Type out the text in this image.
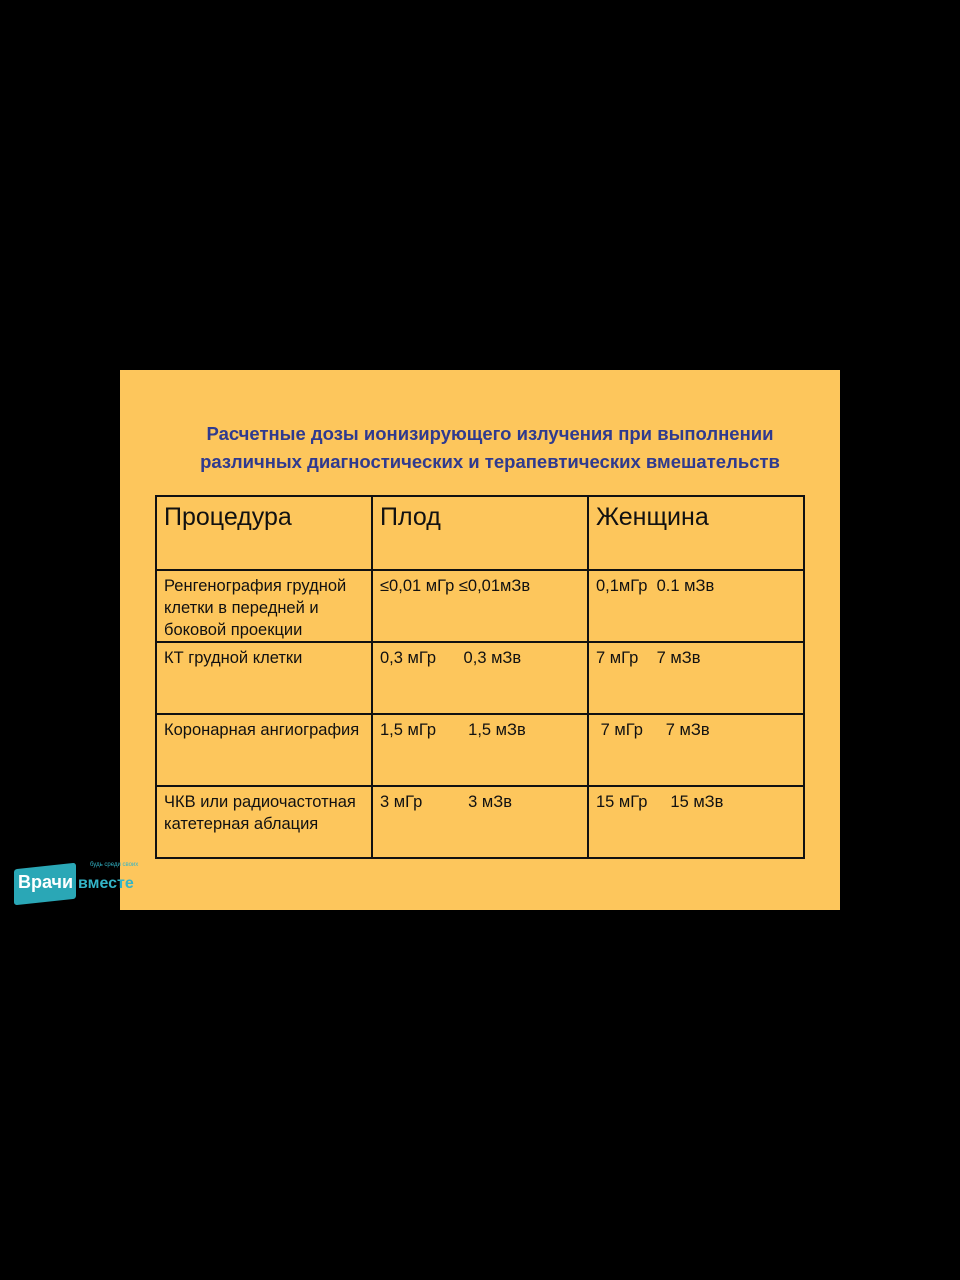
Расчетные дозы ионизирующего излучения при выполнении
различных диагностических и терапевтических вмешательств
Процедура	Плод	Женщина
Ренгенография грудной клетки в передней и боковой проекции	≤0,01 мГр ≤0,01мЗв	0,1мГр  0.1 мЗв
КТ грудной клетки	0,3 мГр      0,3 мЗв	7 мГр    7 мЗв
Коронарная ангиография	1,5 мГр       1,5 мЗв	7 мГр     7 мЗв
ЧКВ или радиочастотная катетерная аблация	3 мГр          3 мЗв	15 мГр     15 мЗв
Врачи вместе
будь среди своих
